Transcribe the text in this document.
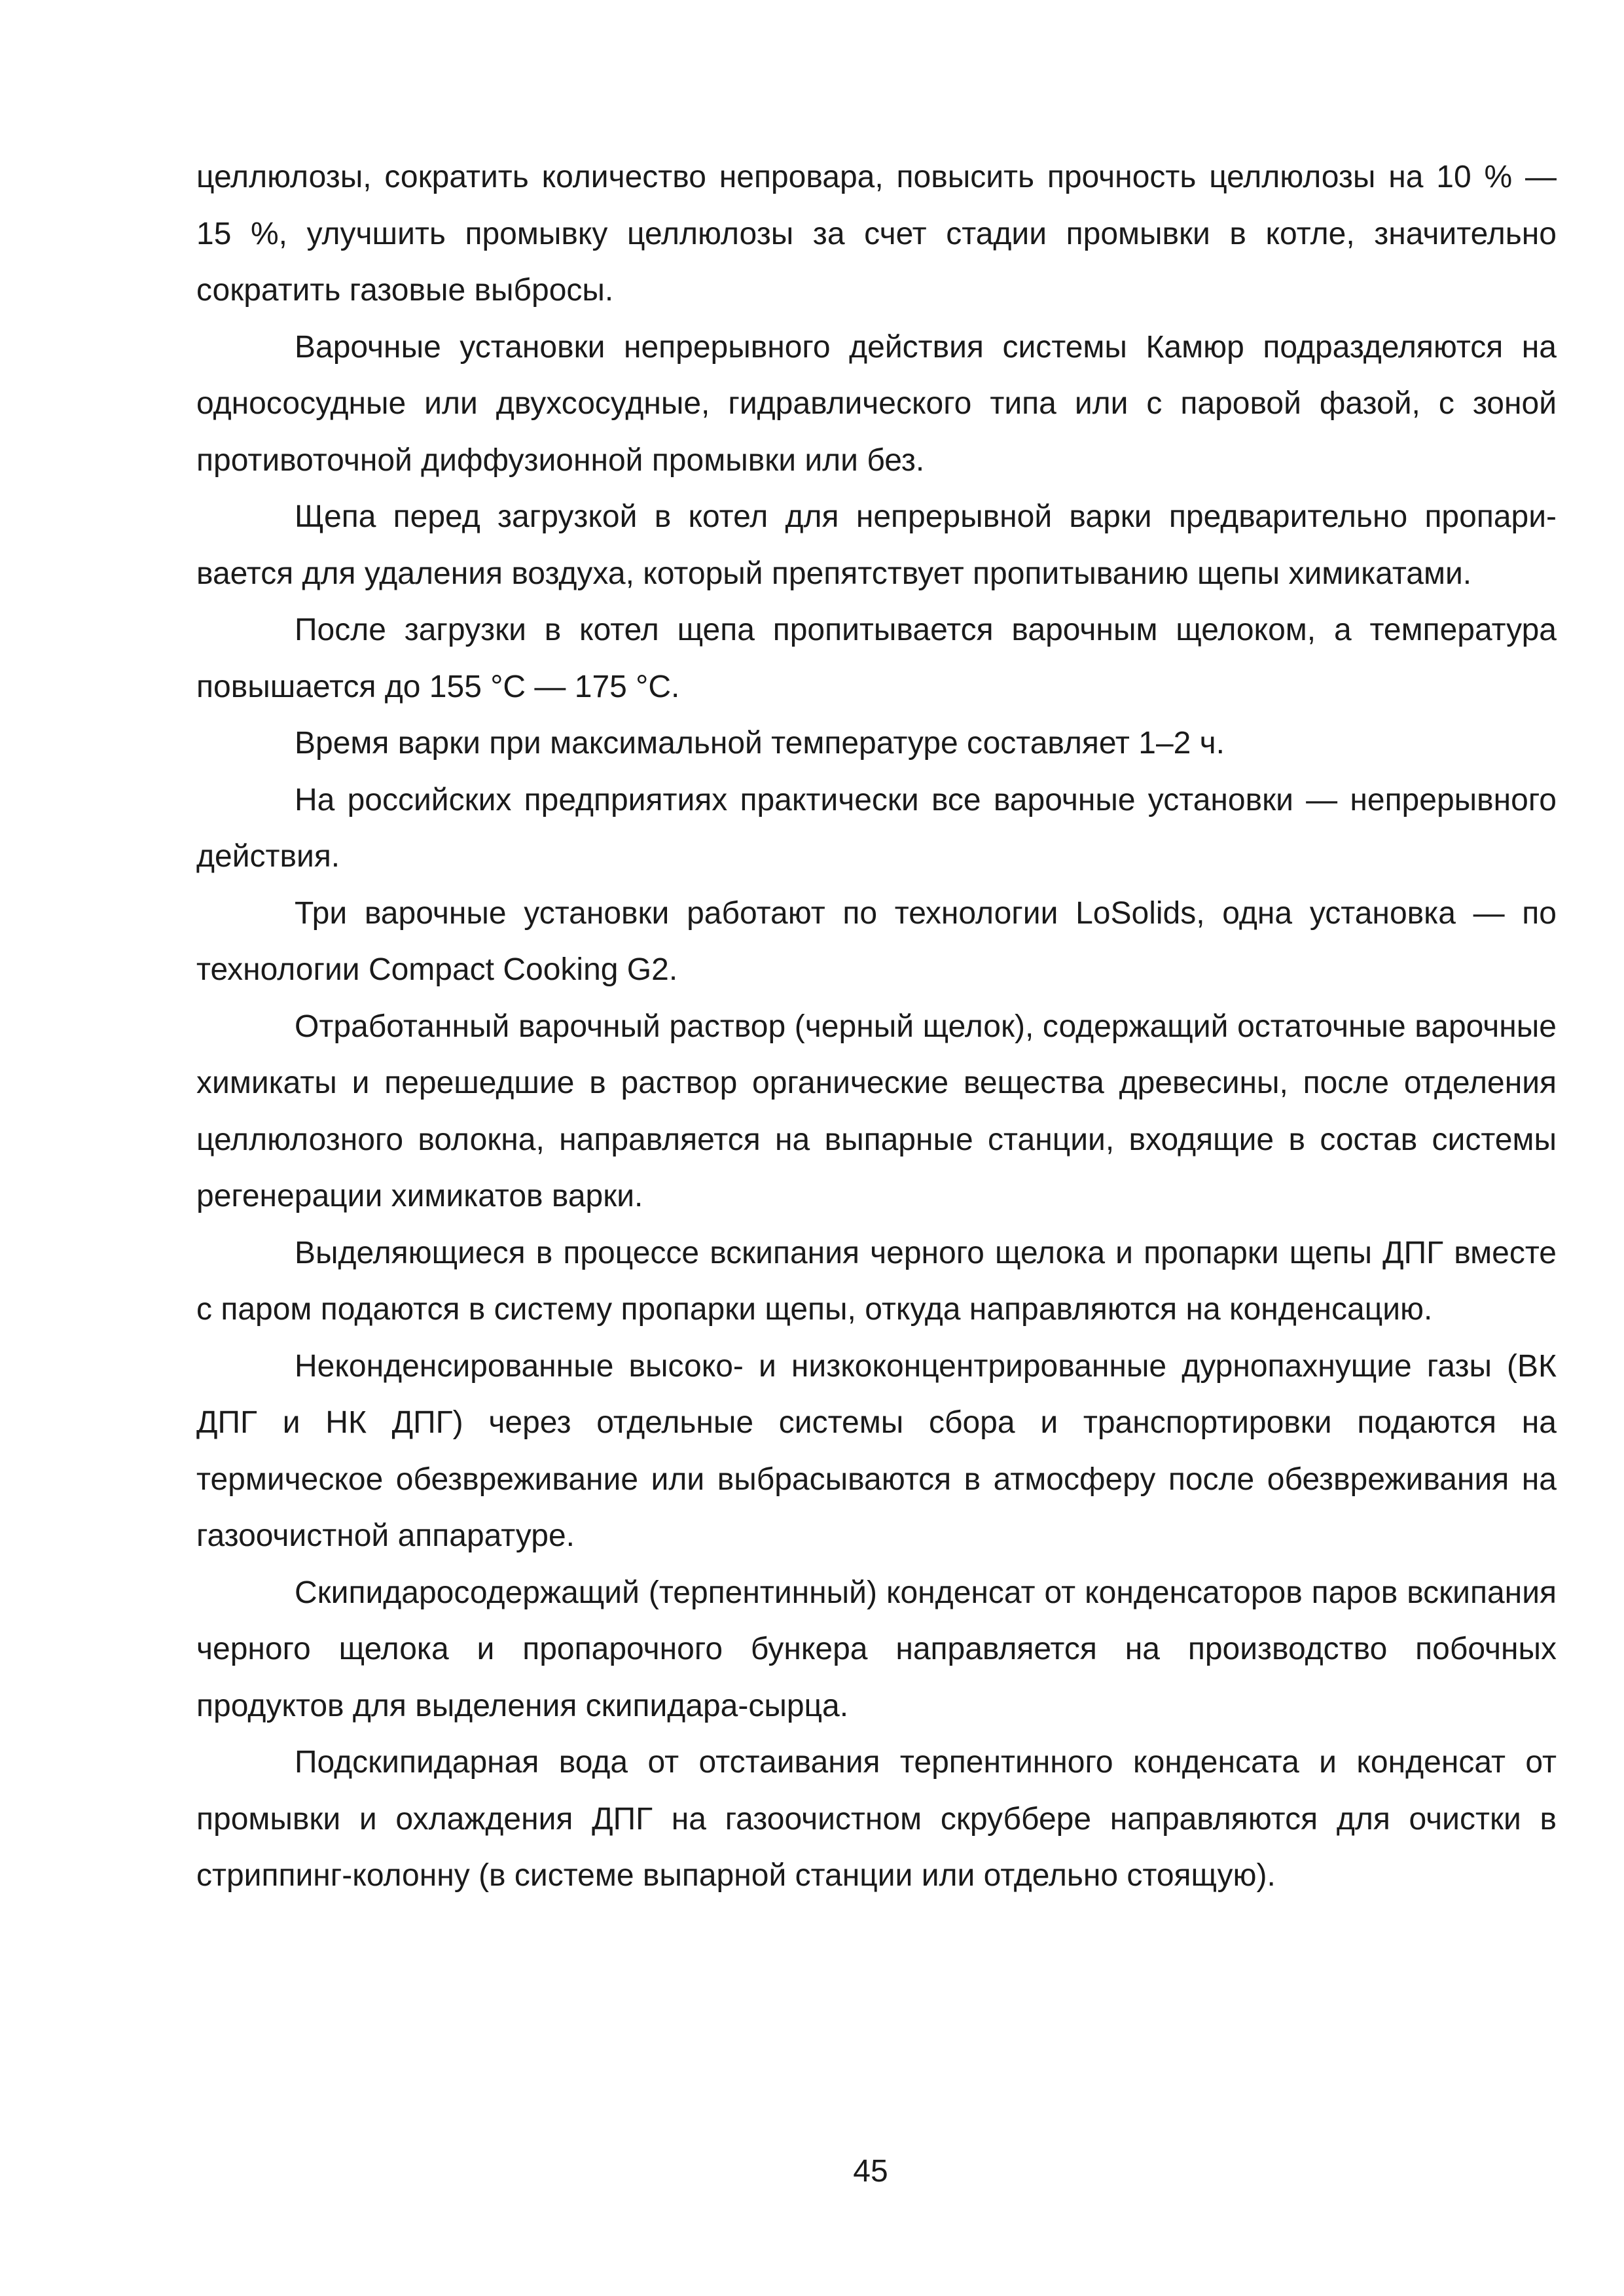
целлюлозы, сократить количество непровара, повысить прочность целлюлозы на 10 % — 15 %, улучшить промывку целлюлозы за счет стадии промывки в котле, значительно сократить газовые выбросы.

Варочные установки непрерывного действия системы Камюр подразделяются на однососудные или двухсосудные, гидравлического типа или с паровой фазой, с зоной противоточной диффузионной промывки или без.

Щепа перед загрузкой в котел для непрерывной варки предварительно пропаривается для удаления воздуха, который препятствует пропитыванию щепы химикатами.

После загрузки в котел щепа пропитывается варочным щелоком, а температура повышается до 155 °С — 175 °С.

Время варки при максимальной температуре составляет 1–2 ч.

На российских предприятиях практически все варочные установки — непрерывного действия.

Три варочные установки работают по технологии LoSolids, одна установка — по технологии Compact Cooking G2.

Отработанный варочный раствор (черный щелок), содержащий остаточные варочные химикаты и перешедшие в раствор органические вещества древесины, после отделения целлюлозного волокна, направляется на выпарные станции, входящие в состав системы регенерации химикатов варки.

Выделяющиеся в процессе вскипания черного щелока и пропарки щепы ДПГ вместе с паром подаются в систему пропарки щепы, откуда направляются на конденсацию.

Неконденсированные высоко- и низкоконцентрированные дурнопахнущие газы (ВК ДПГ и НК ДПГ) через отдельные системы сбора и транспортировки подаются на термическое обезвреживание или выбрасываются в атмосферу после обезвреживания на газоочистной аппаратуре.

Скипидаросодержащий (терпентинный) конденсат от конденсаторов паров вскипания черного щелока и пропарочного бункера направляется на производство побочных продуктов для выделения скипидара-сырца.

Подскипидарная вода от отстаивания терпентинного конденсата и конденсат от промывки и охлаждения ДПГ на газоочистном скруббере направляются для очистки в стриппинг-колонну (в системе выпарной станции или отдельно стоящую).

45
